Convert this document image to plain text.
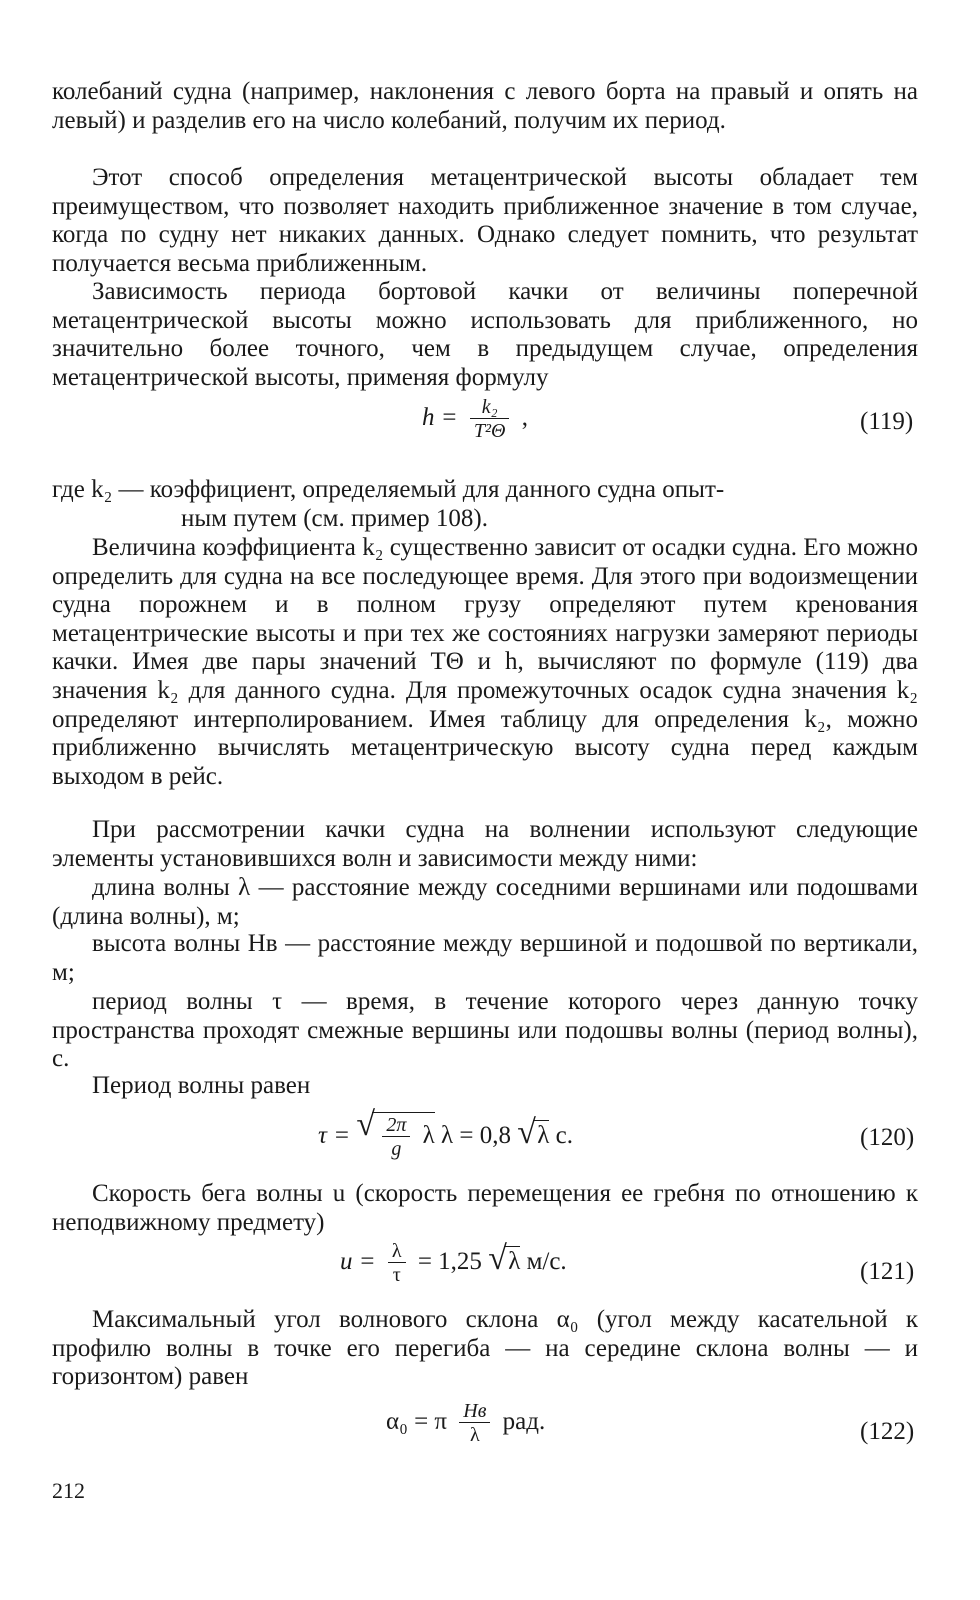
колебаний судна (например, наклонения с левого борта на правый и опять на левый) и разделив его на число колебаний, получим их период.

Этот способ определения метацентрической высоты обладает тем преимуществом, что позволяет находить приближенное значение в том случае, когда по судну нет никаких данных. Однако следует помнить, что результат получается весьма приближенным.

Зависимость периода бортовой качки от величины поперечной метацентрической высоты можно использовать для приближенного, но значительно более точного, чем в предыдущем случае, определения метацентрической высоты, применяя формулу

$h = \frac{\text{k₂}}{\text{T²Θ}}$ ,	(119)
где k₂ — коэффициент, определяемый для данного судна опыт-
ным путем (см. пример 108).

Величина коэффициента k₂ существенно зависит от осадки судна. Его можно определить для судна на все последующее время. Для этого при водоизмещении судна порожнем и в полном грузу определяют путем кренования метацентрические высоты и при тех же состояниях нагрузки замеряют периоды качки. Имея две пары значений TΘ и h, вычисляют по формуле (119) два значения k₂ для данного судна. Для промежуточных осадок судна значения k₂ определяют интерполированием. Имея таблицу для определения k₂, можно приближенно вычислять метацентрическую высоту судна перед каждым выходом в рейс.

При рассмотрении качки судна на волнении используют следующие элементы установившихся волн и зависимости между ними:

длина волны λ — расстояние между соседними вершинами или подошвами (длина волны), м;

высота волны Hв — расстояние между вершиной и подошвой по вертикали, м;

период волны τ — время, в течение которого через данную точку пространства проходят смежные вершины или подошвы волны (период волны), с.

Период волны равен

τ = √ $\frac{2\pi}{g}$ λ λ = 0,8 √ λ с.	(120)

Скорость бега волны u (скорость перемещения ее гребня по отношению к неподвижному предмету)

$u = \frac{\lambda}{\tau} = 1,25$ √ λ м/с.	(121)

Максимальный угол волнового склона α₀ (угол между касательной к профилю волны в точке его перегиба — на середине склона волны — и горизонтом) равен

α₀ = π $\frac{Hв}{\lambda}$ рад.	(122)
212
